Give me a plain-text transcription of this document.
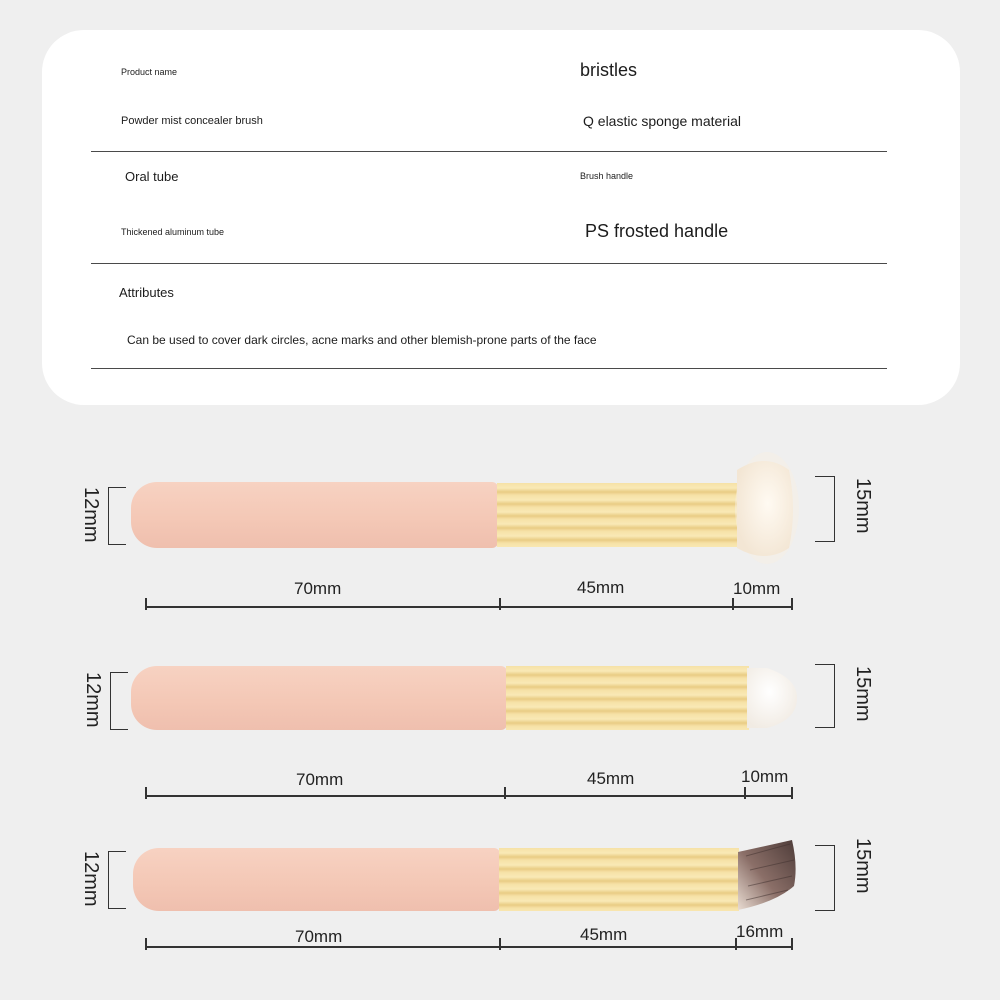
Product name	bristles
Powder mist concealer brush	Q elastic sponge material
Oral tube	Brush handle
Thickened aluminum tube	PS frosted handle
Attributes
Can be used to cover dark circles, acne marks and other blemish-prone parts of the face
12mm	15mm
70mm	45mm	10mm
12mm	15mm
70mm	45mm	10mm
12mm	15mm
70mm	45mm	16mm
